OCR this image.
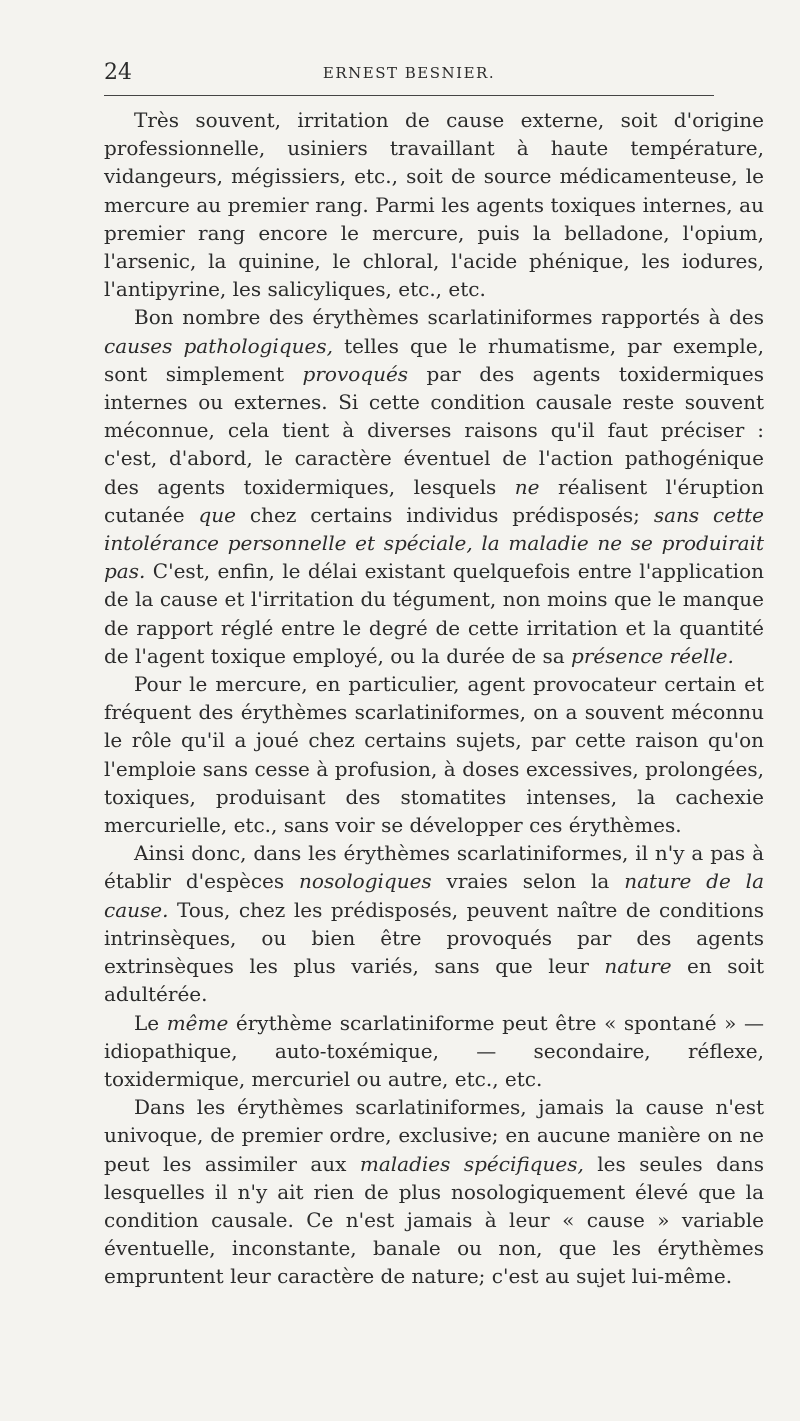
24	ERNEST BESNIER.

Très souvent, irritation de cause externe, soit d'origine professionnelle, usiniers travaillant à haute température, vidangeurs, mégissiers, etc., soit de source médicamenteuse, le mercure au premier rang. Parmi les agents toxiques internes, au premier rang encore le mercure, puis la belladone, l'opium, l'arsenic, la quinine, le chloral, l'acide phénique, les iodures, l'antipyrine, les salicyliques, etc., etc.

Bon nombre des érythèmes scarlatiniformes rapportés à des causes pathologiques, telles que le rhumatisme, par exemple, sont simplement provoqués par des agents toxidermiques internes ou externes. Si cette condition causale reste souvent méconnue, cela tient à diverses raisons qu'il faut préciser : c'est, d'abord, le caractère éventuel de l'action pathogénique des agents toxidermiques, lesquels ne réalisent l'éruption cutanée que chez certains individus prédisposés; sans cette intolérance personnelle et spéciale, la maladie ne se produirait pas. C'est, enfin, le délai existant quelquefois entre l'application de la cause et l'irritation du tégument, non moins que le manque de rapport réglé entre le degré de cette irritation et la quantité de l'agent toxique employé, ou la durée de sa présence réelle.

Pour le mercure, en particulier, agent provocateur certain et fréquent des érythèmes scarlatiniformes, on a souvent méconnu le rôle qu'il a joué chez certains sujets, par cette raison qu'on l'emploie sans cesse à profusion, à doses excessives, prolongées, toxiques, produisant des stomatites intenses, la cachexie mercurielle, etc., sans voir se développer ces érythèmes.

Ainsi donc, dans les érythèmes scarlatiniformes, il n'y a pas à établir d'espèces nosologiques vraies selon la nature de la cause. Tous, chez les prédisposés, peuvent naître de conditions intrinsèques, ou bien être provoqués par des agents extrinsèques les plus variés, sans que leur nature en soit adultérée.

Le même érythème scarlatiniforme peut être « spontané » — idiopathique, auto-toxémique, — secondaire, réflexe, toxidermique, mercuriel ou autre, etc., etc.

Dans les érythèmes scarlatiniformes, jamais la cause n'est univoque, de premier ordre, exclusive; en aucune manière on ne peut les assimiler aux maladies spécifiques, les seules dans lesquelles il n'y ait rien de plus nosologiquement élevé que la condition causale. Ce n'est jamais à leur « cause » variable éventuelle, inconstante, banale ou non, que les érythèmes empruntent leur caractère de nature; c'est au sujet lui-même.
